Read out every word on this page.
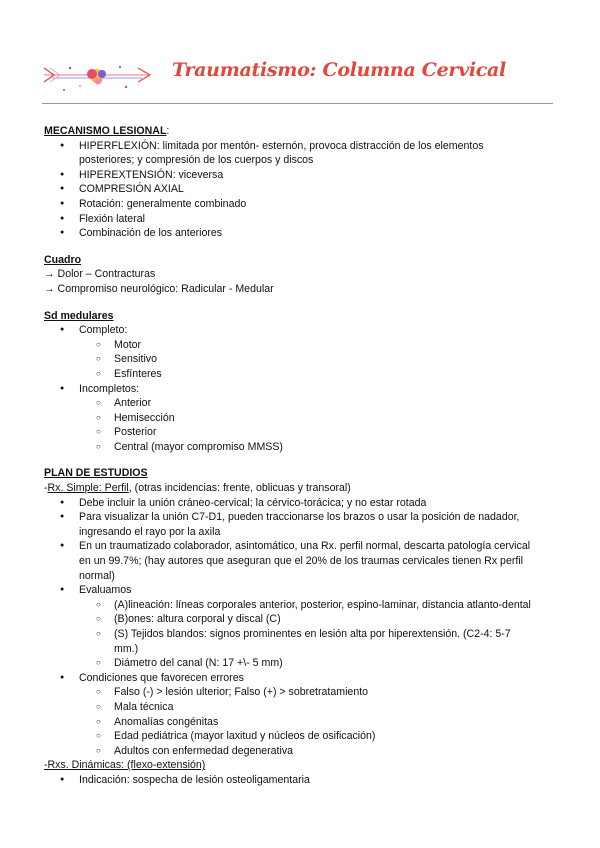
Traumatismo: Columna Cervical
MECANISMO LESIONAL:
● HIPERFLEXIÓN: limitada por mentón- esternón, provoca distracción de los elementos
posteriores; y compresión de los cuerpos y discos
● HIPEREXTENSIÓN: viceversa
● COMPRESIÓN AXIAL
● Rotación: generalmente combinado
● Flexión lateral
● Combinación de los anteriores
Cuadro
→ Dolor – Contracturas
→ Compromiso neurológico: Radicular - Medular
Sd medulares
● Completo:
○ Motor
○ Sensitivo
○ Esfínteres
● Incompletos:
○ Anterior
○ Hemisección
○ Posterior
○ Central (mayor compromiso MMSS)
PLAN DE ESTUDIOS
-Rx. Simple: Perfil, (otras incidencias: frente, oblicuas y transoral)
● Debe incluir la unión cráneo-cervical; la cérvico-torácica; y no estar rotada
● Para visualizar la unión C7-D1, pueden traccionarse los brazos o usar la posición de nadador,
ingresando el rayo por la axila
● En un traumatizado colaborador, asintomático, una Rx. perfil normal, descarta patología cervical
en un 99.7%; (hay autores que aseguran que el 20% de los traumas cervicales tienen Rx perfil
normal)
● Evaluamos
○ (A)lineación: líneas corporales anterior, posterior, espino-laminar, distancia atlanto-dental
○ (B)ones: altura corporal y discal (C)
○ (S) Tejidos blandos: signos prominentes en lesión alta por hiperextensión. (C2-4: 5-7
mm.)
○ Diámetro del canal (N: 17 +\- 5 mm)
● Condiciones que favorecen errores
○ Falso (-) > lesión ulterior; Falso (+) > sobretratamiento
○ Mala técnica
○ Anomalías congénitas
○ Edad pediátrica (mayor laxitud y núcleos de osificación)
○ Adultos con enfermedad degenerativa
-Rxs. Dinámicas: (flexo-extensión)
● Indicación: sospecha de lesión osteoligamentaria
